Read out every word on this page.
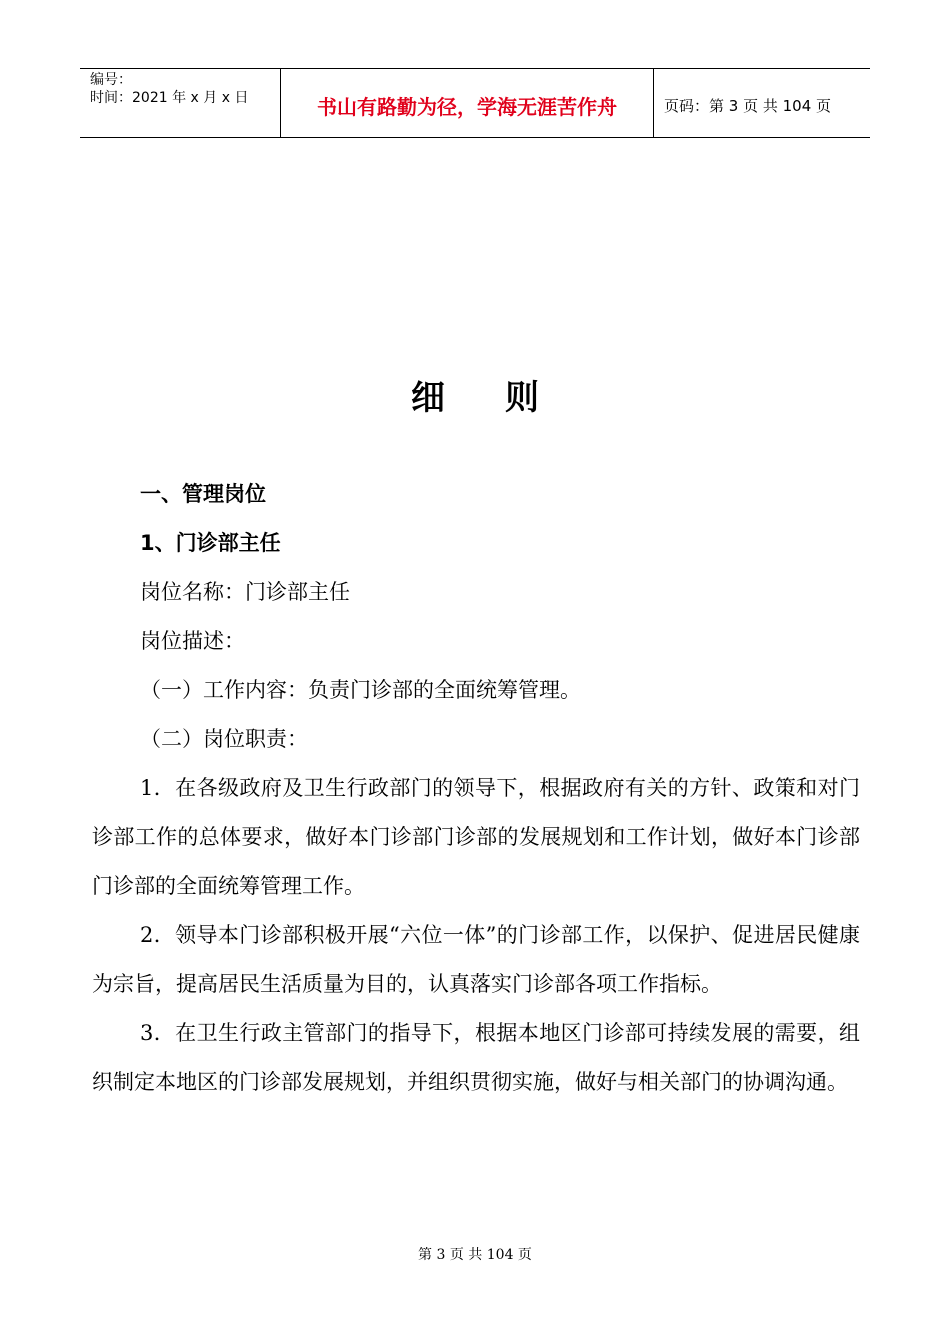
编号：
时间：2021 年 x 月 x 日	书山有路勤为径，学海无涯苦作舟	页码：第 3 页 共 104 页
细则

一、管理岗位

1、门诊部主任

岗位名称：门诊部主任

岗位描述：

（一）工作内容：负责门诊部的全面统筹管理。

（二）岗位职责：

1．在各级政府及卫生行政部门的领导下，根据政府有关的方针、政策和对门诊部工作的总体要求，做好本门诊部门诊部的发展规划和工作计划，做好本门诊部门诊部的全面统筹管理工作。

2．领导本门诊部积极开展“六位一体”的门诊部工作，以保护、促进居民健康为宗旨，提高居民生活质量为目的，认真落实门诊部各项工作指标。

3．在卫生行政主管部门的指导下，根据本地区门诊部可持续发展的需要，组织制定本地区的门诊部发展规划，并组织贯彻实施，做好与相关部门的协调沟通。

第 3 页 共 104 页
